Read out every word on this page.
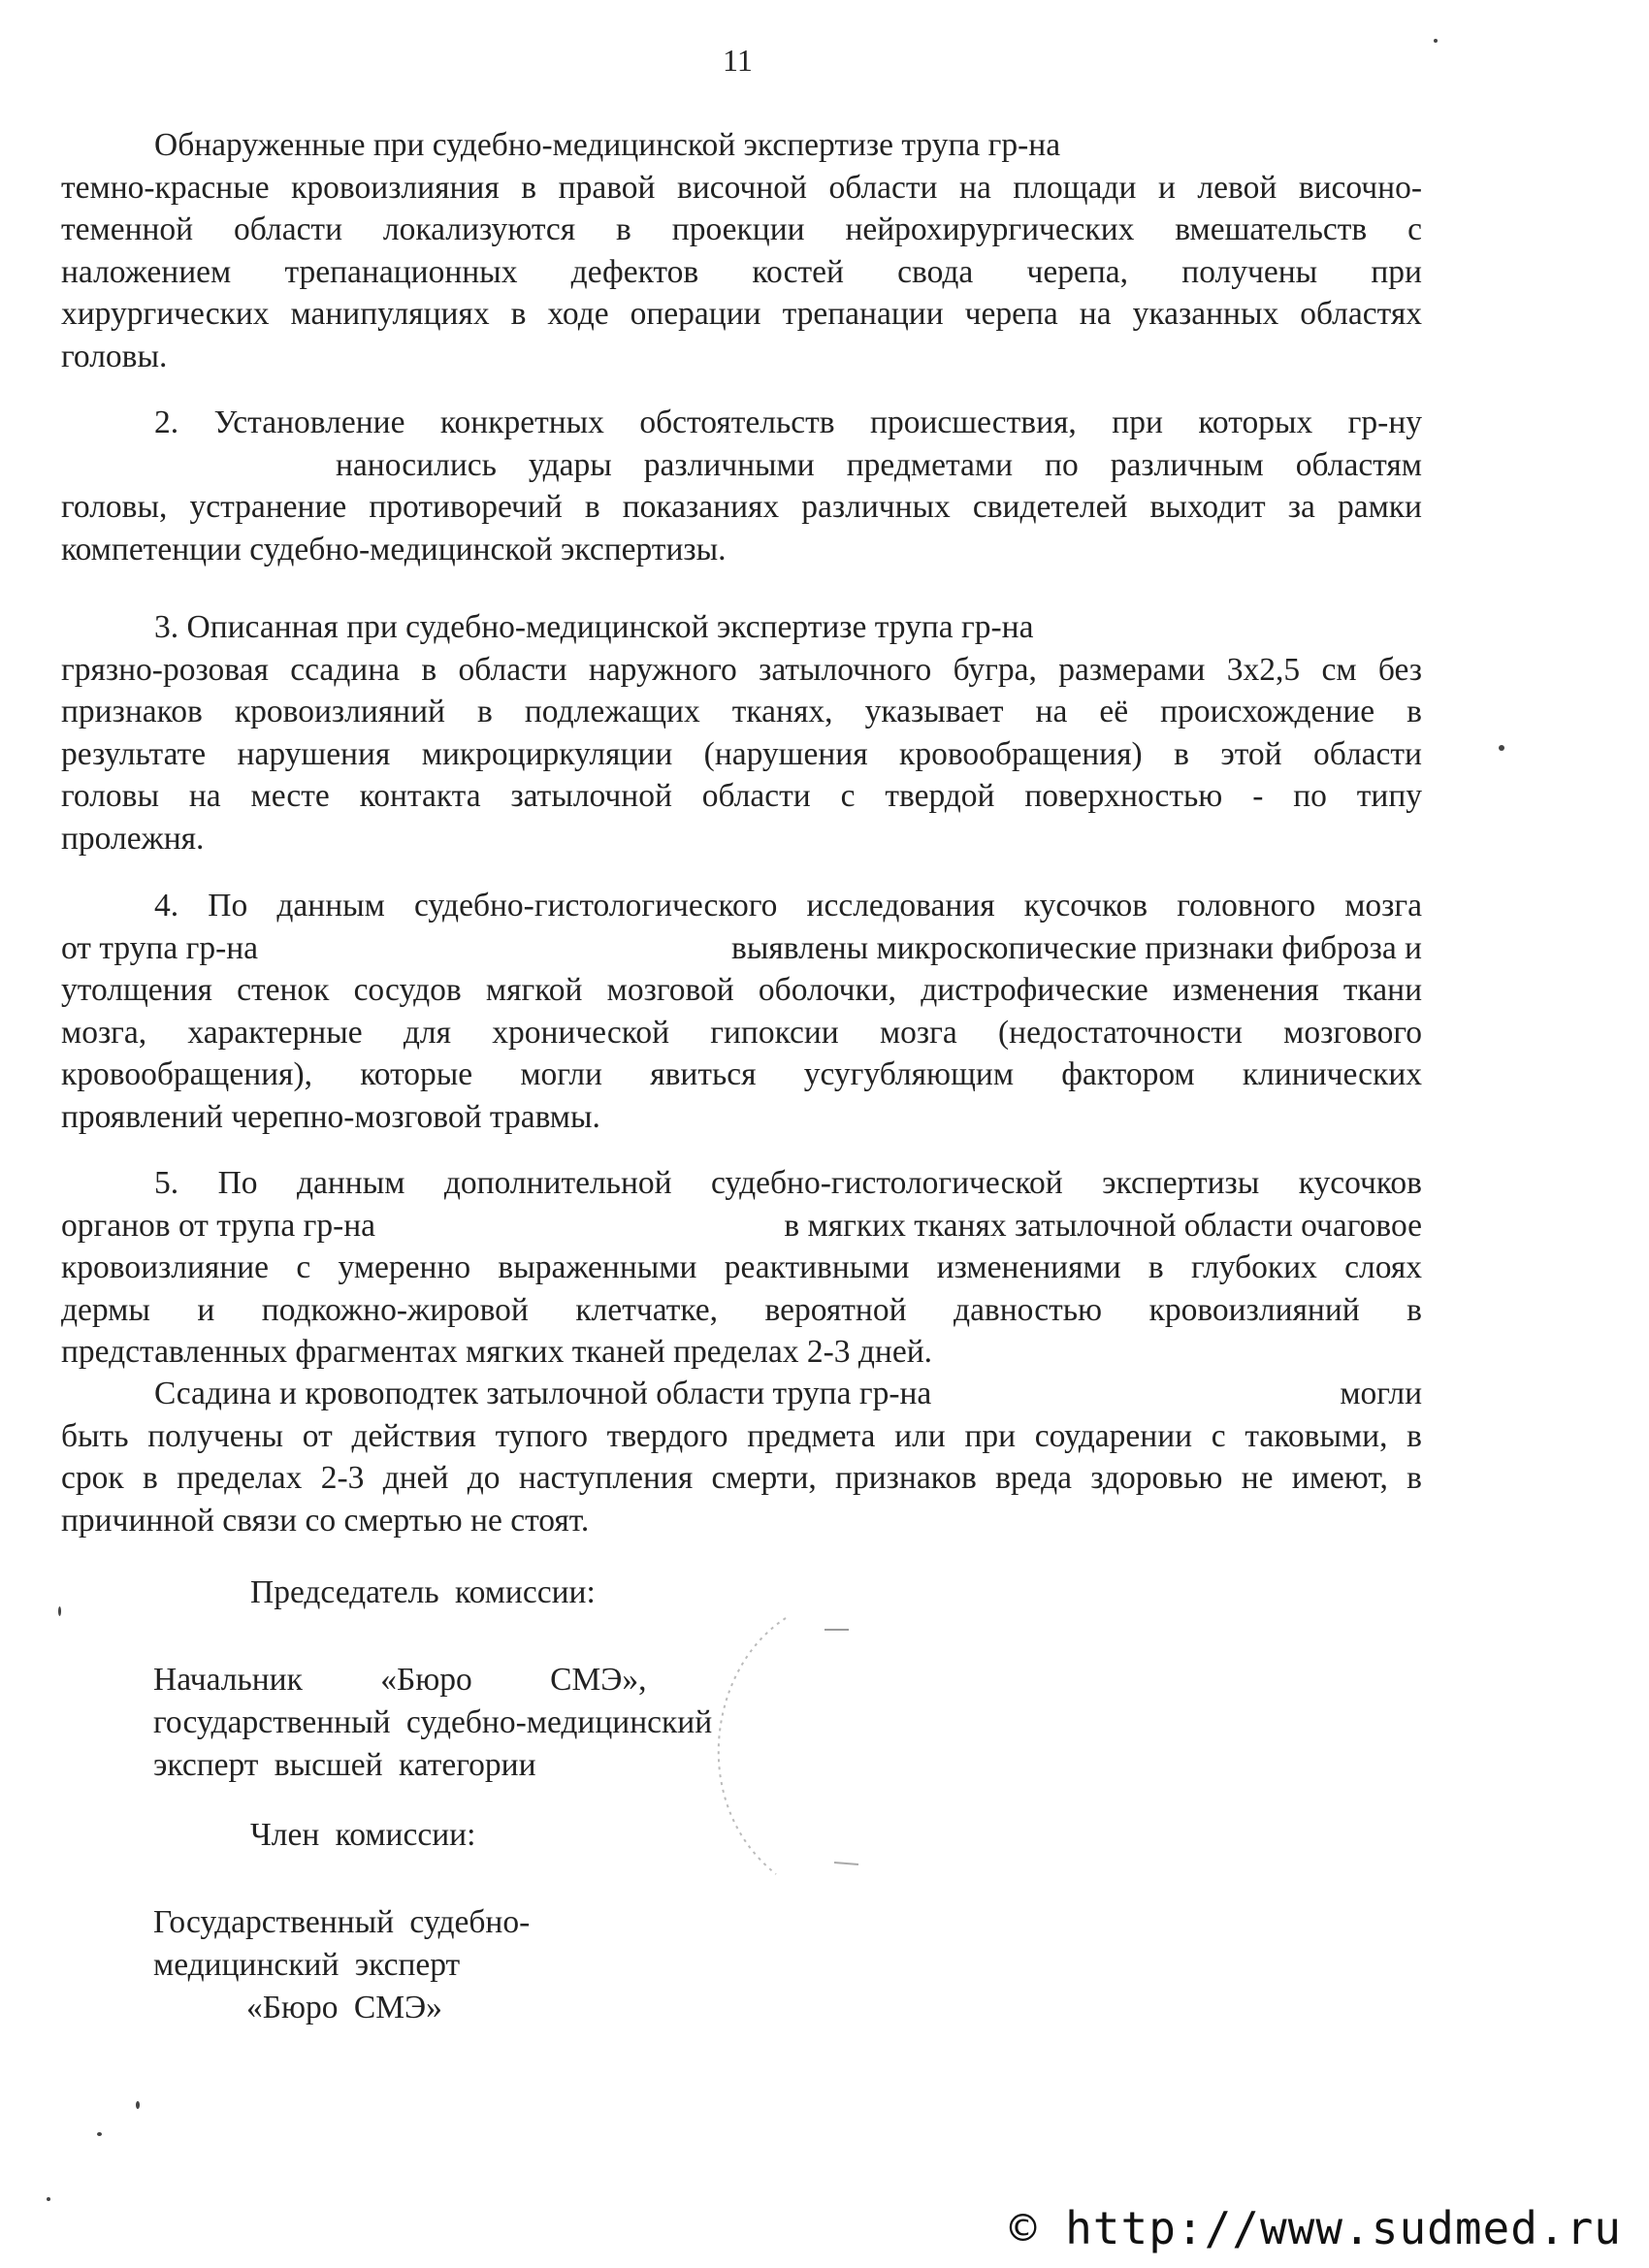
11
Обнаруженные при судебно-медицинской экспертизе трупа гр-на
темно-красные кровоизлияния в правой височной области на площади и левой височно-
теменной области локализуются в проекции нейрохирургических вмешательств с
наложением трепанационных дефектов костей свода черепа, получены при
хирургических манипуляциях в ходе операции трепанации черепа на указанных областях
головы.
2. Установление конкретных обстоятельств происшествия, при которых гр-ну
наносились удары различными предметами по различным областям
головы, устранение противоречий в показаниях различных свидетелей выходит за рамки
компетенции судебно-медицинской экспертизы.
3. Описанная при судебно-медицинской экспертизе трупа гр-на
грязно-розовая ссадина в области наружного затылочного бугра, размерами 3х2,5 см без
признаков кровоизлияний в подлежащих тканях, указывает на её происхождение в
результате нарушения микроциркуляции (нарушения кровообращения) в этой области
головы на месте контакта затылочной области с твердой поверхностью - по типу
пролежня.
4. По данным судебно-гистологического исследования кусочков головного мозга
от трупа гр-на	выявлены микроскопические признаки фиброза и
утолщения стенок сосудов мягкой мозговой оболочки, дистрофические изменения ткани
мозга, характерные для хронической гипоксии мозга (недостаточности мозгового
кровообращения), которые могли явиться усугубляющим фактором клинических
проявлений черепно-мозговой травмы.
5. По данным дополнительной судебно-гистологической экспертизы кусочков
органов от трупа гр-на	в мягких тканях затылочной области очаговое
кровоизлияние с умеренно выраженными реактивными изменениями в глубоких слоях
дермы и подкожно-жировой клетчатке, вероятной давностью кровоизлияний в
представленных фрагментах мягких тканей пределах 2-3 дней.
Ссадина и кровоподтек затылочной области трупа гр-на	могли
быть получены от действия тупого твердого предмета или при соударении с таковыми, в
срок в пределах 2-3 дней до наступления смерти, признаков вреда здоровью не имеют, в
причинной связи со смертью не стоят.
Председатель комиссии:
Начальник «Бюро СМЭ»,
государственный судебно-медицинский
эксперт высшей категории
Член комиссии:
Государственный судебно-
медицинский эксперт
«Бюро СМЭ»
© http://www.sudmed.ru
